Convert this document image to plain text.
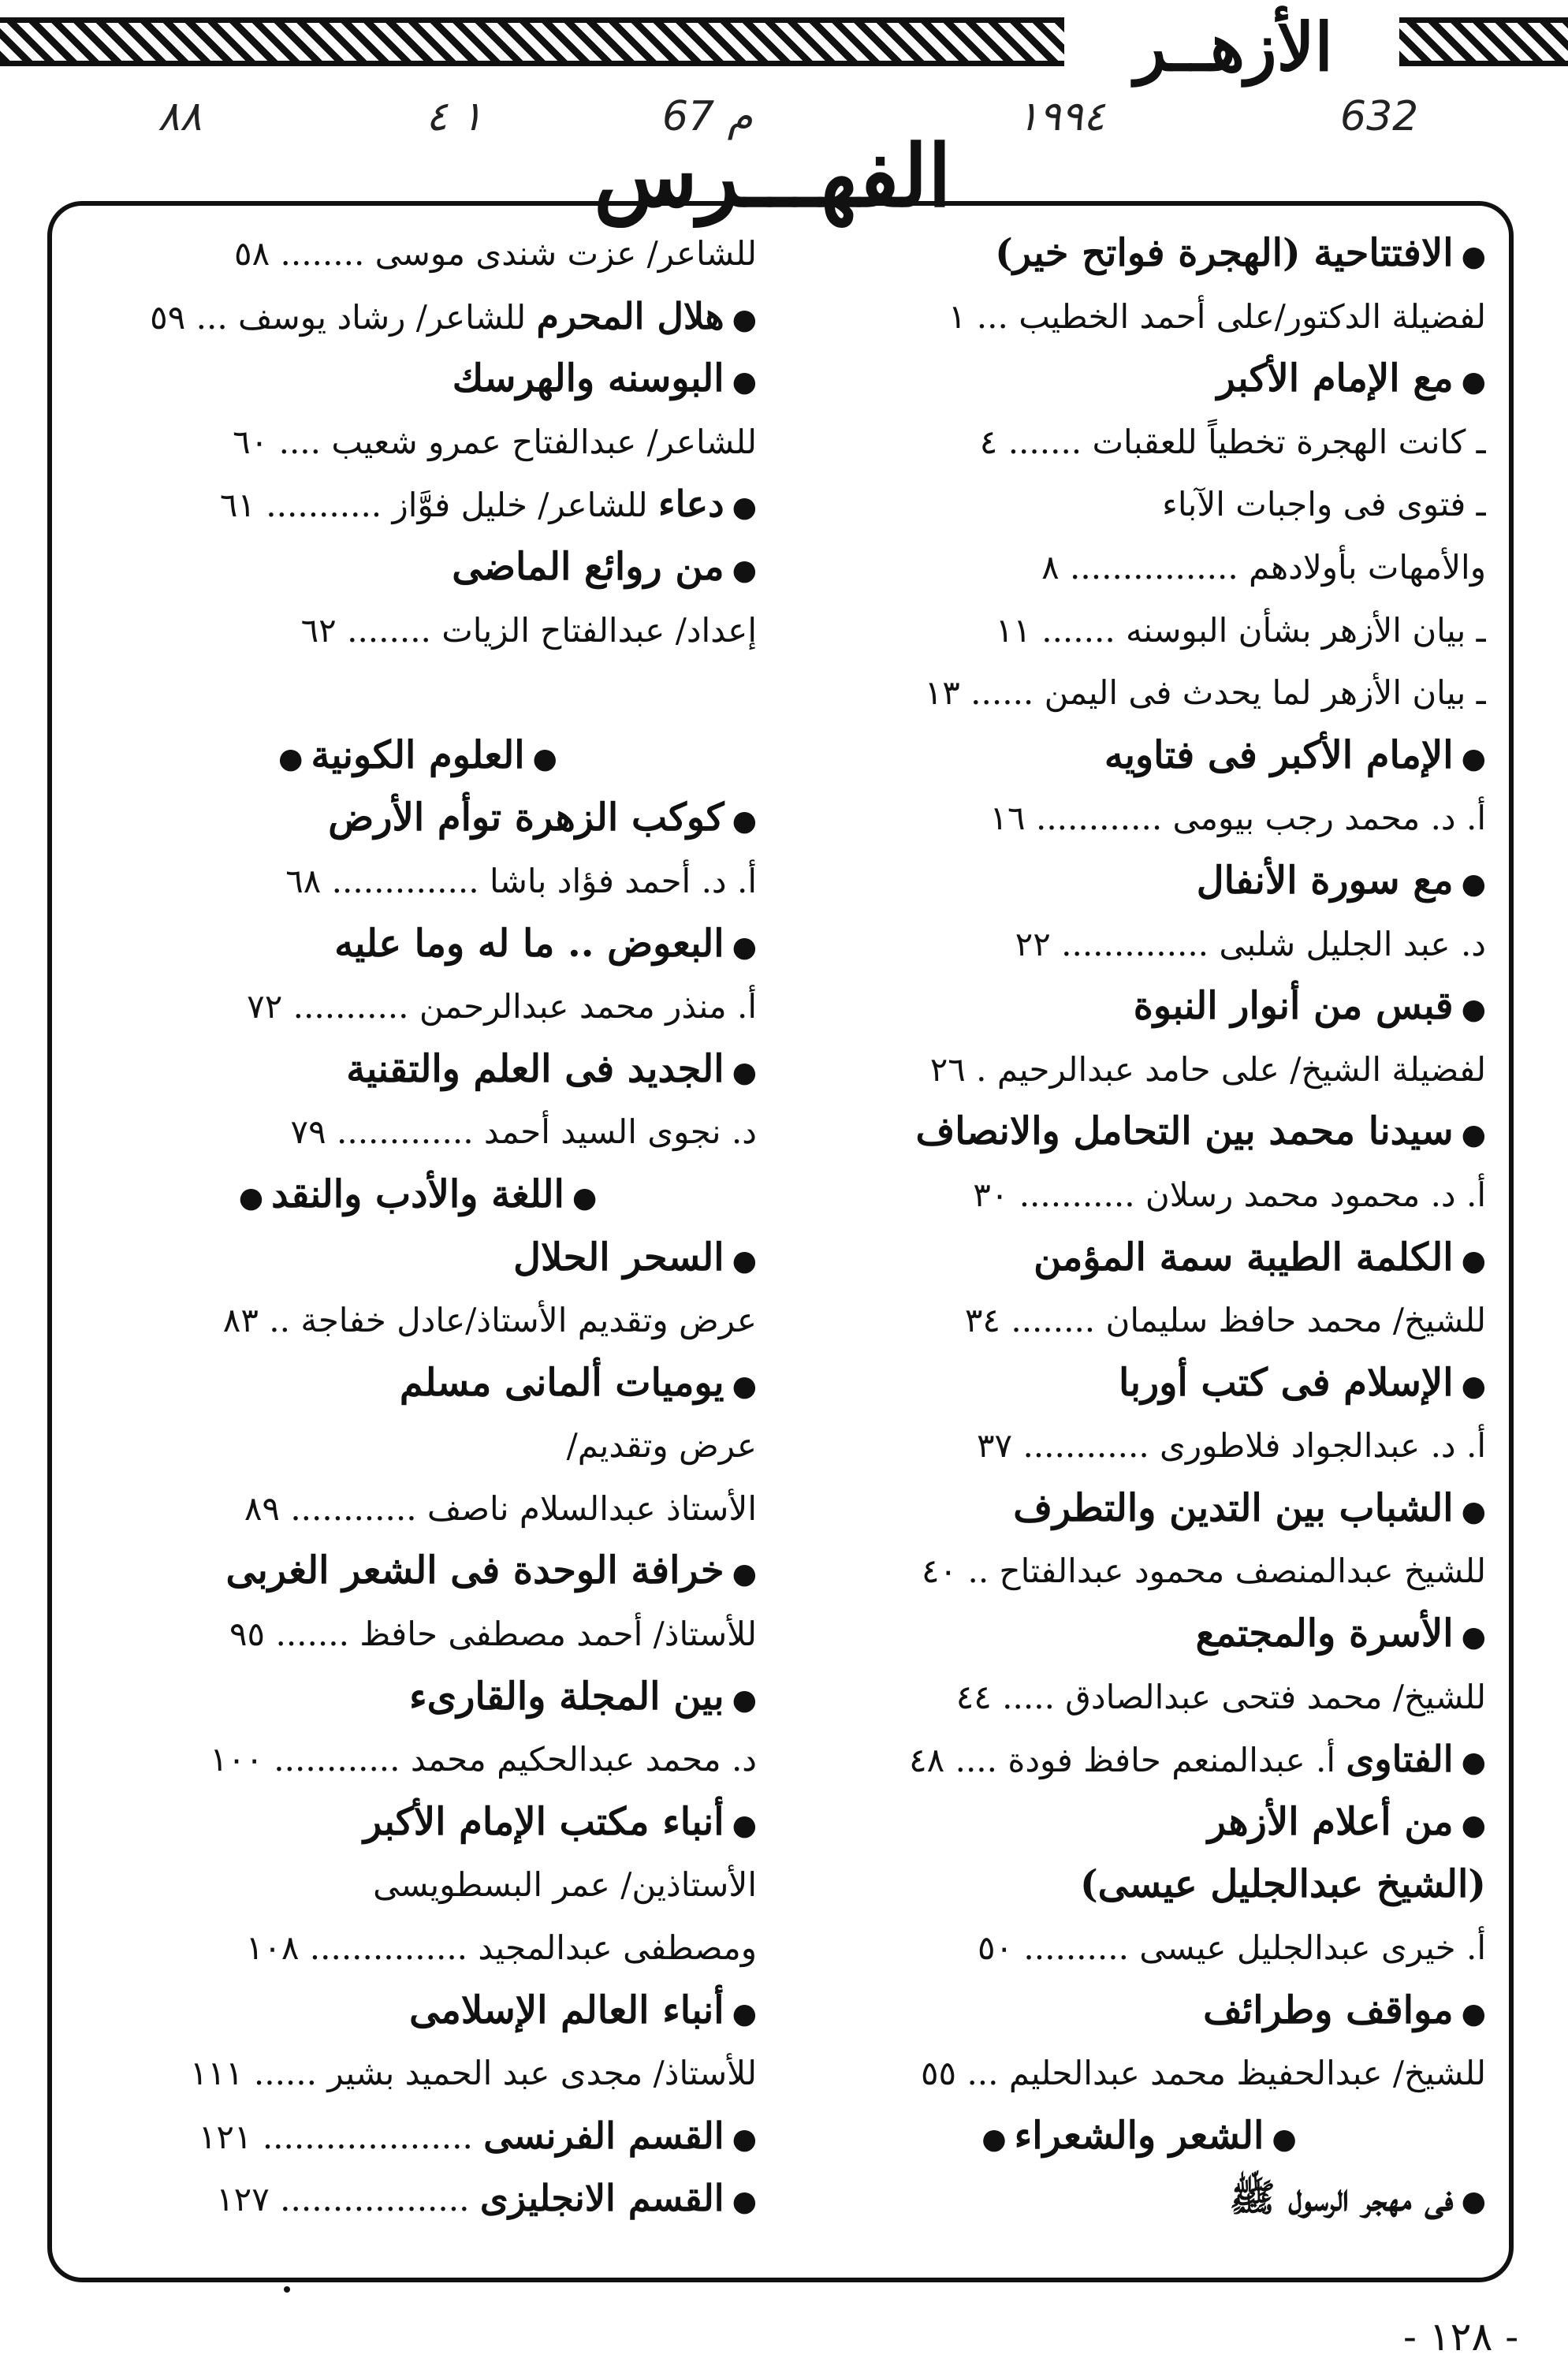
الأزهــر
٨٨	١ ٤	67 م	١٩٩٤	632
الفهـــرس
●الافتتاحية (الهجرة فواتح خير)
لفضيلة الدكتور/على أحمد الخطيب ... ١
●مع الإمام الأكبر
ـ كانت الهجرة تخطياً للعقبات ....... ٤
ـ فتوى فى واجبات الآباء
والأمهات بأولادهم ................ ٨
ـ بيان الأزهر بشأن البوسنه ....... ١١
ـ بيان الأزهر لما يحدث فى اليمن ...... ١٣
●الإمام الأكبر فى فتاويه
أ. د. محمد رجب بيومى ............ ١٦
●مع سورة الأنفال
د. عبد الجليل شلبى .............. ٢٢
●قبس من أنوار النبوة
لفضيلة الشيخ/ على حامد عبدالرحيم . ٢٦
●سيدنا محمد بين التحامل والانصاف
أ. د. محمود محمد رسلان ........... ٣٠
●الكلمة الطيبة سمة المؤمن
للشيخ/ محمد حافظ سليمان ........ ٣٤
●الإسلام فى كتب أوربا
أ. د. عبدالجواد فلاطورى ............ ٣٧
●الشباب بين التدين والتطرف
للشيخ عبدالمنصف محمود عبدالفتاح .. ٤٠
●الأسرة والمجتمع
للشيخ/ محمد فتحى عبدالصادق ..... ٤٤
●الفتاوى أ. عبدالمنعم حافظ فودة .... ٤٨
●من أعلام الأزهر
(الشيخ عبدالجليل عيسى)
أ. خيرى عبدالجليل عيسى .......... ٥٠
●مواقف وطرائف
للشيخ/ عبدالحفيظ محمد عبدالحليم ... ٥٥
●الشعر والشعراء●
●فى مهجر الرسول ﷺ
للشاعر/ عزت شندى موسى ........ ٥٨
●هلال المحرم للشاعر/ رشاد يوسف ... ٥٩
●البوسنه والهرسك
للشاعر/ عبدالفتاح عمرو شعيب .... ٦٠
●دعاء للشاعر/ خليل فوَّاز ........... ٦١
●من روائع الماضى
إعداد/ عبدالفتاح الزيات ........ ٦٢
●العلوم الكونية●
●كوكب الزهرة توأم الأرض
أ. د. أحمد فؤاد باشا .............. ٦٨
●البعوض .. ما له وما عليه
أ. منذر محمد عبدالرحمن ........... ٧٢
●الجديد فى العلم والتقنية
د. نجوى السيد أحمد ............. ٧٩
●اللغة والأدب والنقد●
●السحر الحلال
عرض وتقديم الأستاذ/عادل خفاجة .. ٨٣
●يوميات ألمانى مسلم
عرض وتقديم/
الأستاذ عبدالسلام ناصف ............ ٨٩
●خرافة الوحدة فى الشعر الغربى
للأستاذ/ أحمد مصطفى حافظ ....... ٩٥
●بين المجلة والقارىء
د. محمد عبدالحكيم محمد ............ ١٠٠
●أنباء مكتب الإمام الأكبر
الأستاذين/ عمر البسطويسى
ومصطفى عبدالمجيد ............... ١٠٨
●أنباء العالم الإسلامى
للأستاذ/ مجدى عبد الحميد بشير ...... ١١١
●القسم الفرنسى .................... ١٢١
●القسم الانجليزى .................. ١٢٧
- ١٢٨ -
